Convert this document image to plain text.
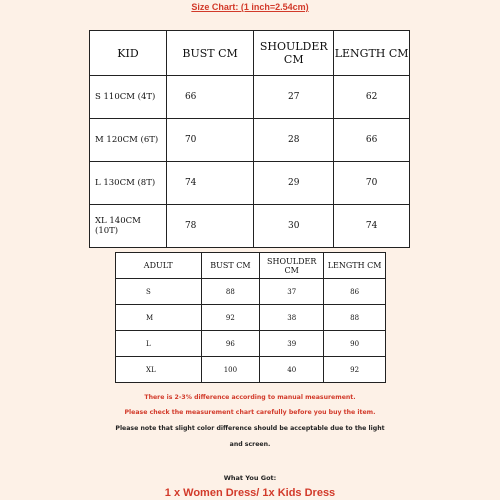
Size Chart: (1 inch=2.54cm)
KID	BUST CM	SHOULDER CM	LENGTH CM
S 110CM (4T)	66	27	62
M 120CM (6T)	70	28	66
L 130CM (8T)	74	29	70
XL 140CM (10T)	78	30	74
ADULT	BUST CM	SHOULDER CM	LENGTH CM
S	88	37	86
M	92	38	88
L	96	39	90
XL	100	40	92
There is 2-3% difference according to manual measurement.
Please check the measurement chart carefully before you buy the item.
Please note that slight color difference should be acceptable due to the light
and screen.
What You Got:
1 x Women Dress/ 1x Kids Dress
